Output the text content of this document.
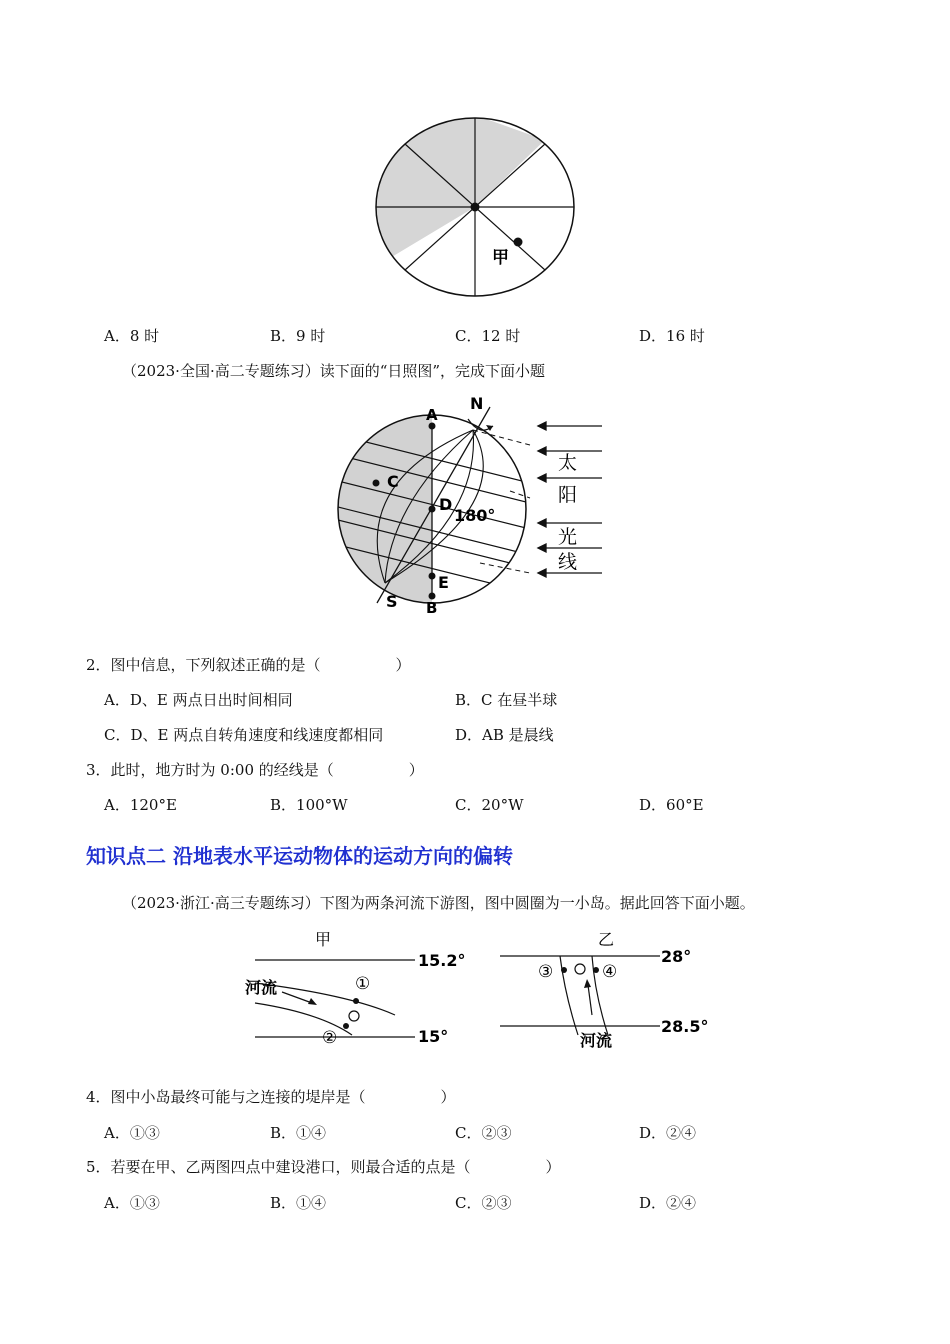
甲
A．8 时	B．9 时	C．12 时	D．16 时
（2023·全国·高二专题练习）读下面的“日照图”，完成下面小题
A
N
C
D
180°
E
S B
太
阳
光
线
2．图中信息，下列叙述正确的是（　　　　　）
A．D、E 两点日出时间相同	B．C 在昼半球
C．D、E 两点自转角速度和线速度都相同	D．AB 是晨线
3．此时，地方时为 0:00 的经线是（　　　　　）
A．120°E	B．100°W	C．20°W	D．60°E
知识点二 沿地表水平运动物体的运动方向的偏转
（2023·浙江·高三专题练习）下图为两条河流下游图，图中圆圈为一小岛。据此回答下面小题。
甲
15.2°
15°
河流	①
②
乙
28°
28.5°
③	④
河流
4．图中小岛最终可能与之连接的堤岸是（　　　　　）
A．①③	B．①④	C．②③	D．②④
5．若要在甲、乙两图四点中建设港口，则最合适的点是（　　　　　）
A．①③	B．①④	C．②③	D．②④
